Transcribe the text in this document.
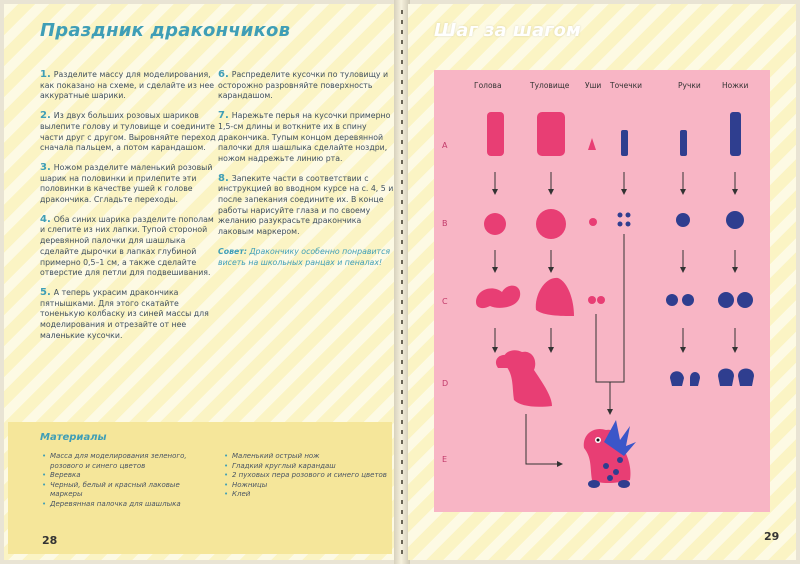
Праздник дракончиков
1. Разделите массу для моделирования, как показано на схеме, и сделайте из нее аккуратные шарики.
2. Из двух больших розовых шариков вылепите голову и туловище и соедините части друг с другом. Выровняйте переход сначала пальцем, а потом карандашом.
3. Ножом разделите маленький розовый шарик на половинки и прилепите эти половинки в качестве ушей к голове дракончика. Сгладьте переходы.
4. Оба синих шарика разделите пополам и слепите из них лапки. Тупой стороной деревянной палочки для шашлыка сделайте дырочки в лапках глубиной примерно 0,5–1 см, а также сделайте отверстие для петли для подвешивания.
5. А теперь украсим дракончика пятнышками. Для этого скатайте тоненькую колбаску из синей массы для моделирования и отрезайте от нее маленькие кусочки.
6. Распределите кусочки по туловищу и осторожно разровняйте поверхность карандашом.
7. Нарежьте перья на кусочки примерно 1,5-см длины и воткните их в спину дракончика. Тупым концом деревянной палочки для шашлыка сделайте ноздри, ножом надрежьте линию рта.
8. Запеките части в соответствии с инструкцией во вводном курсе на с. 4, 5 и после запекания соедините их. В конце работы нарисуйте глаза и по своему желанию разукрасьте дракончика лаковым маркером.
Совет: Дракончику особенно понравится висеть на школьных ранцах и пеналах!
Материалы
• Масса для моделирования зеленого, розового и синего цветов
• Веревка
• Черный, белый и красный лаковые маркеры
• Деревянная палочка для шашлыка
• Маленький острый нож
• Гладкий круглый карандаш
• 2 пуховых пера розового и синего цветов
• Ножницы
• Клей
28
Шаг за шагом
Голова	Туловище Уши Точечки	Ручки	Ножки
A
B
C
D
E
29
